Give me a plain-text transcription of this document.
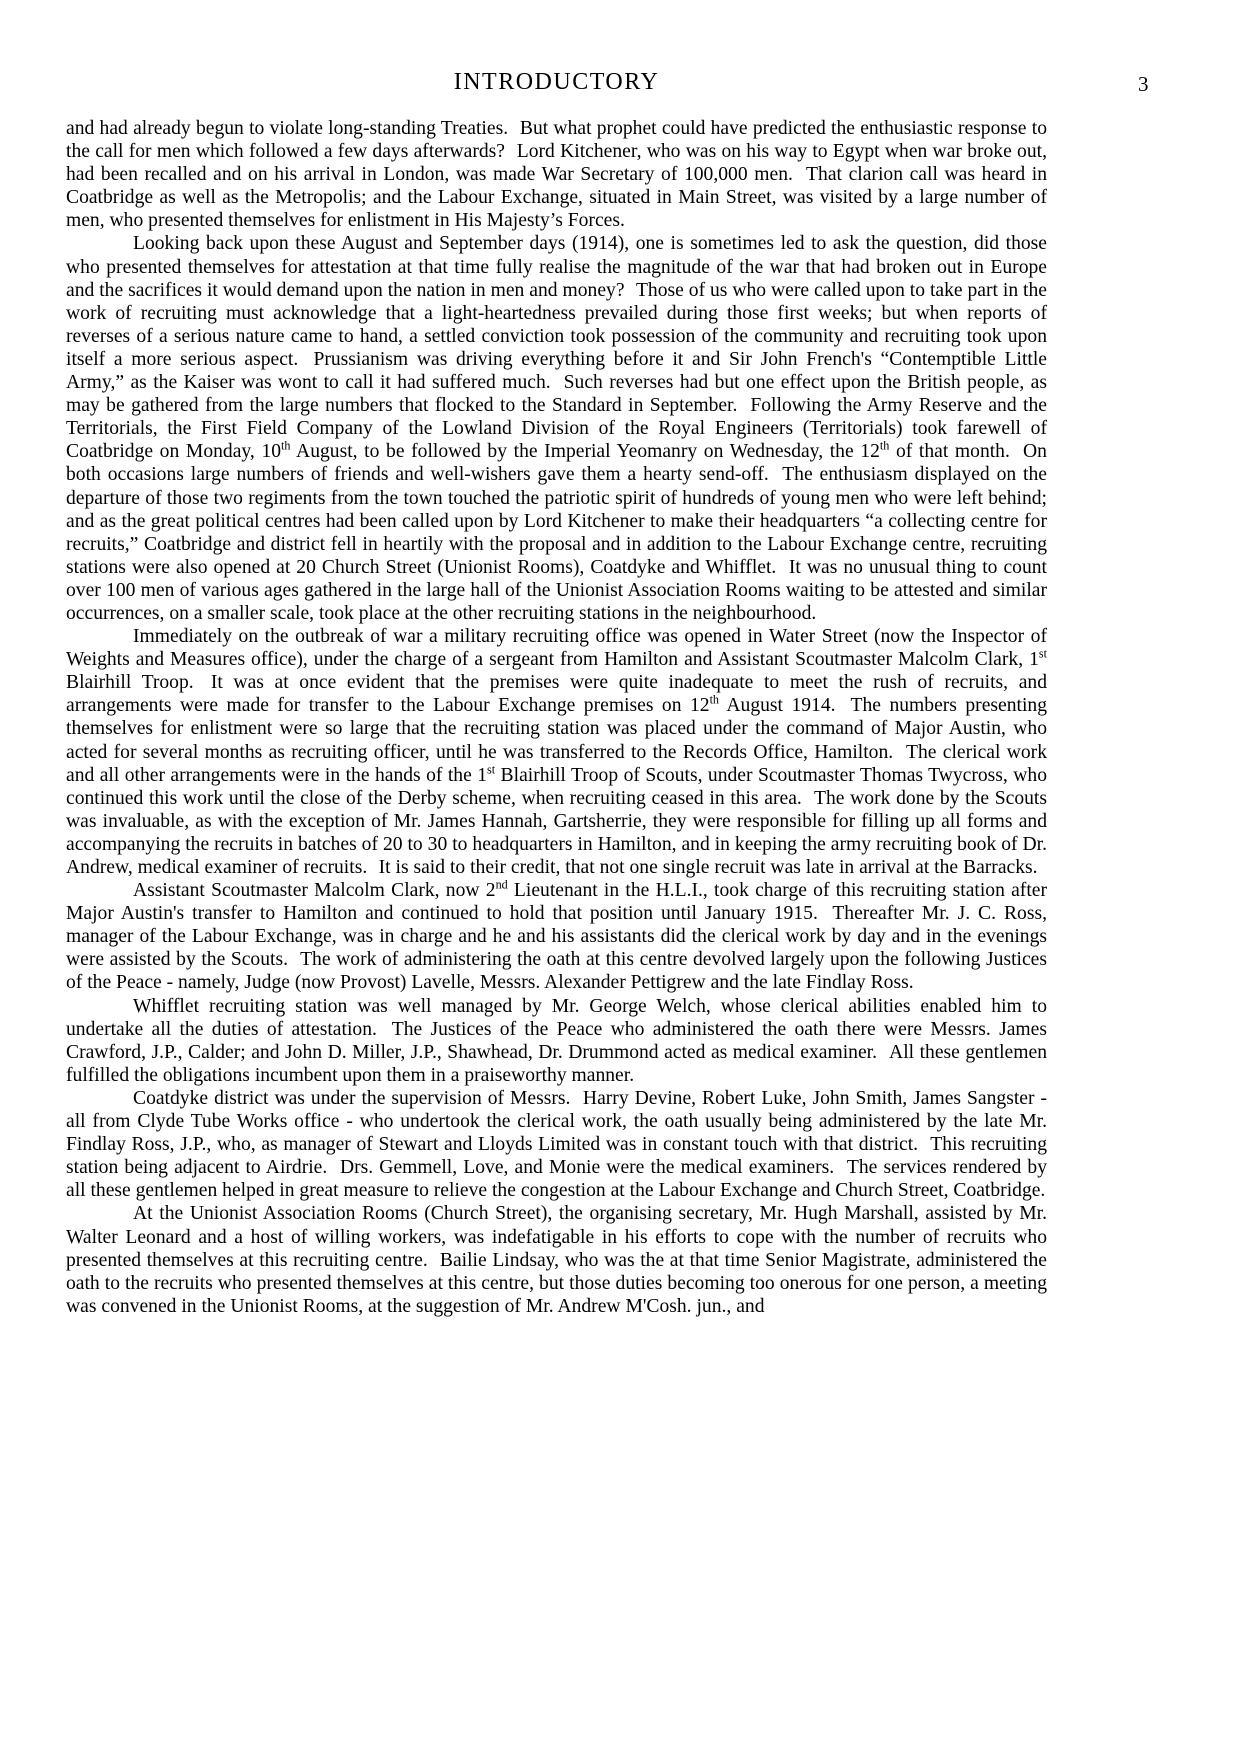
INTRODUCTORY	3

and had already begun to violate long-standing Treaties.  But what prophet could have predicted the enthusiastic response to the call for men which followed a few days afterwards?  Lord Kitchener, who was on his way to Egypt when war broke out, had been recalled and on his arrival in London, was made War Secretary of 100,000 men.  That clarion call was heard in Coatbridge as well as the Metropolis; and the Labour Exchange, situated in Main Street, was visited by a large number of men, who presented themselves for enlistment in His Majesty’s Forces.

Looking back upon these August and September days (1914), one is sometimes led to ask the question, did those who presented themselves for attestation at that time fully realise the magnitude of the war that had broken out in Europe and the sacrifices it would demand upon the nation in men and money?  Those of us who were called upon to take part in the work of recruiting must acknowledge that a light-heartedness prevailed during those first weeks; but when reports of reverses of a serious nature came to hand, a settled conviction took possession of the community and recruiting took upon itself a more serious aspect.  Prussianism was driving everything before it and Sir John French's “Contemptible Little Army,” as the Kaiser was wont to call it had suffered much.  Such reverses had but one effect upon the British people, as may be gathered from the large numbers that flocked to the Standard in September.  Following the Army Reserve and the Territorials, the First Field Company of the Lowland Division of the Royal Engineers (Territorials) took farewell of Coatbridge on Monday, 10th August, to be followed by the Imperial Yeomanry on Wednesday, the 12th of that month.  On both occasions large numbers of friends and well-wishers gave them a hearty send-off.  The enthusiasm displayed on the departure of those two regiments from the town touched the patriotic spirit of hundreds of young men who were left behind; and as the great political centres had been called upon by Lord Kitchener to make their headquarters “a collecting centre for recruits,” Coatbridge and district fell in heartily with the proposal and in addition to the Labour Exchange centre, recruiting stations were also opened at 20 Church Street (Unionist Rooms), Coatdyke and Whifflet.  It was no unusual thing to count over 100 men of various ages gathered in the large hall of the Unionist Association Rooms waiting to be attested and similar occurrences, on a smaller scale, took place at the other recruiting stations in the neighbourhood.

Immediately on the outbreak of war a military recruiting office was opened in Water Street (now the Inspector of Weights and Measures office), under the charge of a sergeant from Hamilton and Assistant Scoutmaster Malcolm Clark, 1st Blairhill Troop.  It was at once evident that the premises were quite inadequate to meet the rush of recruits, and arrangements were made for transfer to the Labour Exchange premises on 12th August 1914.  The numbers presenting themselves for enlistment were so large that the recruiting station was placed under the command of Major Austin, who acted for several months as recruiting officer, until he was transferred to the Records Office, Hamilton.  The clerical work and all other arrangements were in the hands of the 1st Blairhill Troop of Scouts, under Scoutmaster Thomas Twycross, who continued this work until the close of the Derby scheme, when recruiting ceased in this area.  The work done by the Scouts was invaluable, as with the exception of Mr. James Hannah, Gartsherrie, they were responsible for filling up all forms and accompanying the recruits in batches of 20 to 30 to headquarters in Hamilton, and in keeping the army recruiting book of Dr. Andrew, medical examiner of recruits.  It is said to their credit, that not one single recruit was late in arrival at the Barracks.

Assistant Scoutmaster Malcolm Clark, now 2nd Lieutenant in the H.L.I., took charge of this recruiting station after Major Austin's transfer to Hamilton and continued to hold that position until January 1915.  Thereafter Mr. J. C. Ross, manager of the Labour Exchange, was in charge and he and his assistants did the clerical work by day and in the evenings were assisted by the Scouts.  The work of administering the oath at this centre devolved largely upon the following Justices of the Peace - namely, Judge (now Provost) Lavelle, Messrs. Alexander Pettigrew and the late Findlay Ross.

Whifflet recruiting station was well managed by Mr. George Welch, whose clerical abilities enabled him to undertake all the duties of attestation.  The Justices of the Peace who administered the oath there were Messrs. James Crawford, J.P., Calder; and John D. Miller, J.P., Shawhead, Dr. Drummond acted as medical examiner.  All these gentlemen fulfilled the obligations incumbent upon them in a praiseworthy manner.

Coatdyke district was under the supervision of Messrs.  Harry Devine, Robert Luke, John Smith, James Sangster - all from Clyde Tube Works office - who undertook the clerical work, the oath usually being administered by the late Mr. Findlay Ross, J.P., who, as manager of Stewart and Lloyds Limited was in constant touch with that district.  This recruiting station being adjacent to Airdrie.  Drs. Gemmell, Love, and Monie were the medical examiners.  The services rendered by all these gentlemen helped in great measure to relieve the congestion at the Labour Exchange and Church Street, Coatbridge.

At the Unionist Association Rooms (Church Street), the organising secretary, Mr. Hugh Marshall, assisted by Mr. Walter Leonard and a host of willing workers, was indefatigable in his efforts to cope with the number of recruits who presented themselves at this recruiting centre.  Bailie Lindsay, who was the at that time Senior Magistrate, administered the oath to the recruits who presented themselves at this centre, but those duties becoming too onerous for one person, a meeting was convened in the Unionist Rooms, at the suggestion of Mr. Andrew M'Cosh. jun., and
